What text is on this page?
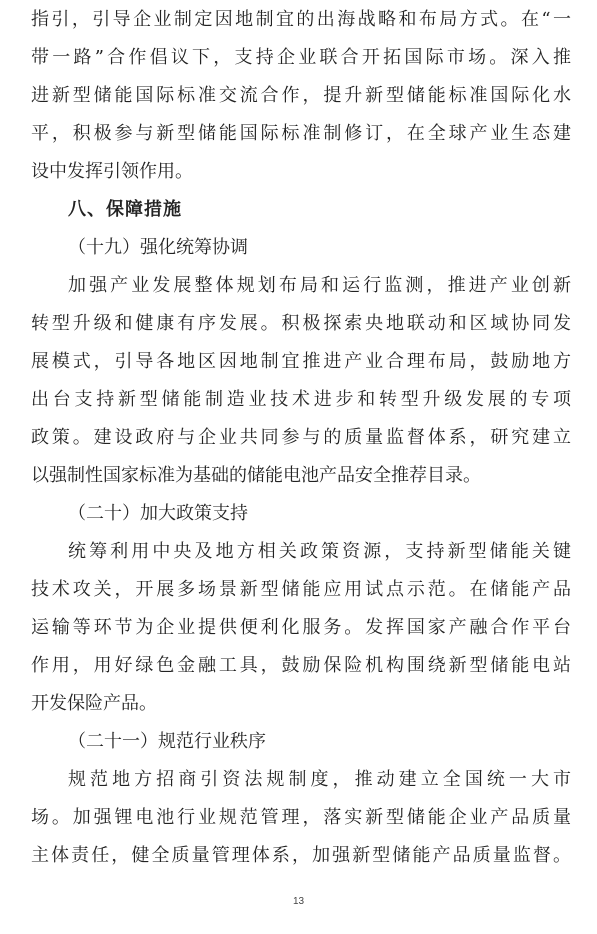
指引，引导企业制定因地制宜的出海战略和布局方式。在“一
带一路”合作倡议下，支持企业联合开拓国际市场。深入推
进新型储能国际标准交流合作，提升新型储能标准国际化水
平，积极参与新型储能国际标准制修订，在全球产业生态建
设中发挥引领作用。
八、保障措施
（十九）强化统筹协调
加强产业发展整体规划布局和运行监测，推进产业创新
转型升级和健康有序发展。积极探索央地联动和区域协同发
展模式，引导各地区因地制宜推进产业合理布局，鼓励地方
出台支持新型储能制造业技术进步和转型升级发展的专项
政策。建设政府与企业共同参与的质量监督体系，研究建立
以强制性国家标准为基础的储能电池产品安全推荐目录。
（二十）加大政策支持
统筹利用中央及地方相关政策资源，支持新型储能关键
技术攻关，开展多场景新型储能应用试点示范。在储能产品
运输等环节为企业提供便利化服务。发挥国家产融合作平台
作用，用好绿色金融工具，鼓励保险机构围绕新型储能电站
开发保险产品。
（二十一）规范行业秩序
规范地方招商引资法规制度，推动建立全国统一大市
场。加强锂电池行业规范管理，落实新型储能企业产品质量
主体责任，健全质量管理体系，加强新型储能产品质量监督。
13
